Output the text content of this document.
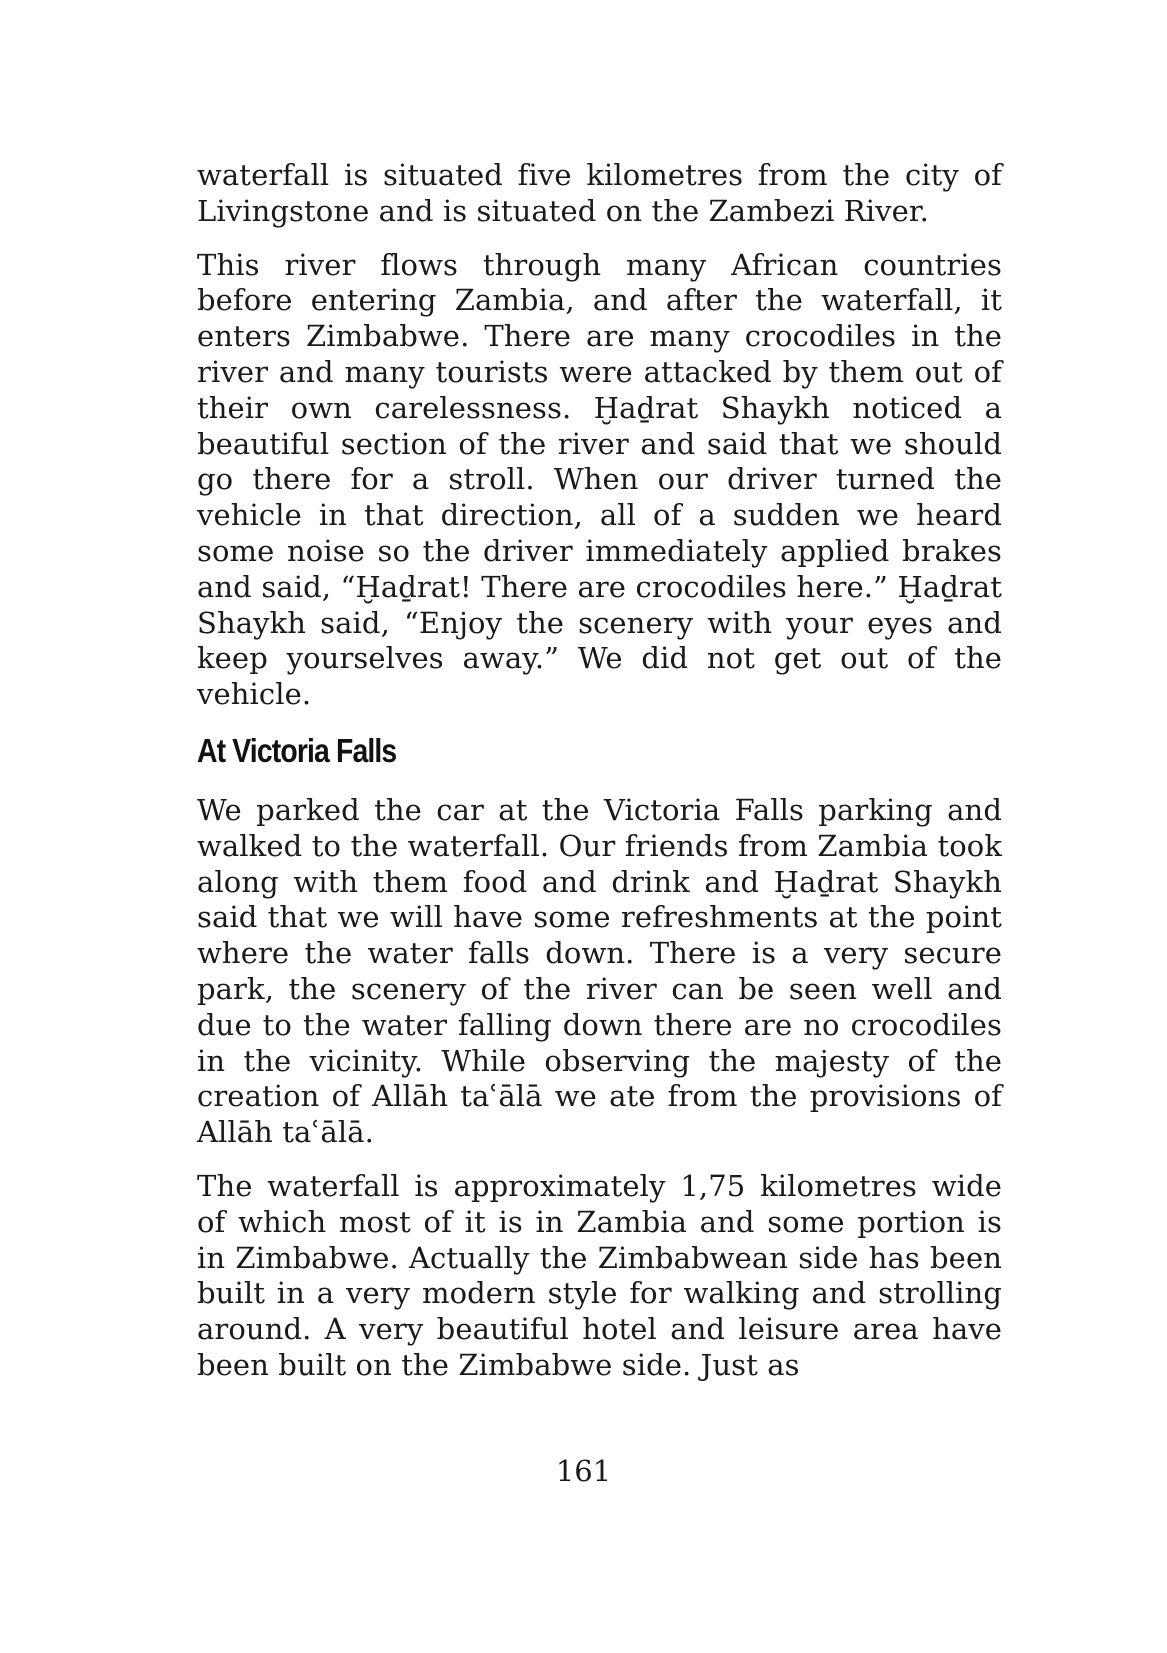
waterfall is situated five kilometres from the city of Livingstone and is situated on the Zambezi River.

This river flows through many African countries before entering Zambia, and after the waterfall, it enters Zimbabwe. There are many crocodiles in the river and many tourists were attacked by them out of their own carelessness. Ḫaḏrat Shaykh noticed a beautiful section of the river and said that we should go there for a stroll. When our driver turned the vehicle in that direction, all of a sudden we heard some noise so the driver immediately applied brakes and said, “Ḫaḏrat! There are crocodiles here.” Ḫaḏrat Shaykh said, “Enjoy the scenery with your eyes and keep yourselves away.” We did not get out of the vehicle.

At Victoria Falls

We parked the car at the Victoria Falls parking and walked to the waterfall. Our friends from Zambia took along with them food and drink and Ḫaḏrat Shaykh said that we will have some refreshments at the point where the water falls down. There is a very secure park, the scenery of the river can be seen well and due to the water falling down there are no crocodiles in the vicinity. While observing the majesty of the creation of Allāh taʿālā we ate from the provisions of Allāh taʿālā.

The waterfall is approximately 1,75 kilometres wide of which most of it is in Zambia and some portion is in Zimbabwe. Actually the Zimbabwean side has been built in a very modern style for walking and strolling around. A very beautiful hotel and leisure area have been built on the Zimbabwe side. Just as

161
